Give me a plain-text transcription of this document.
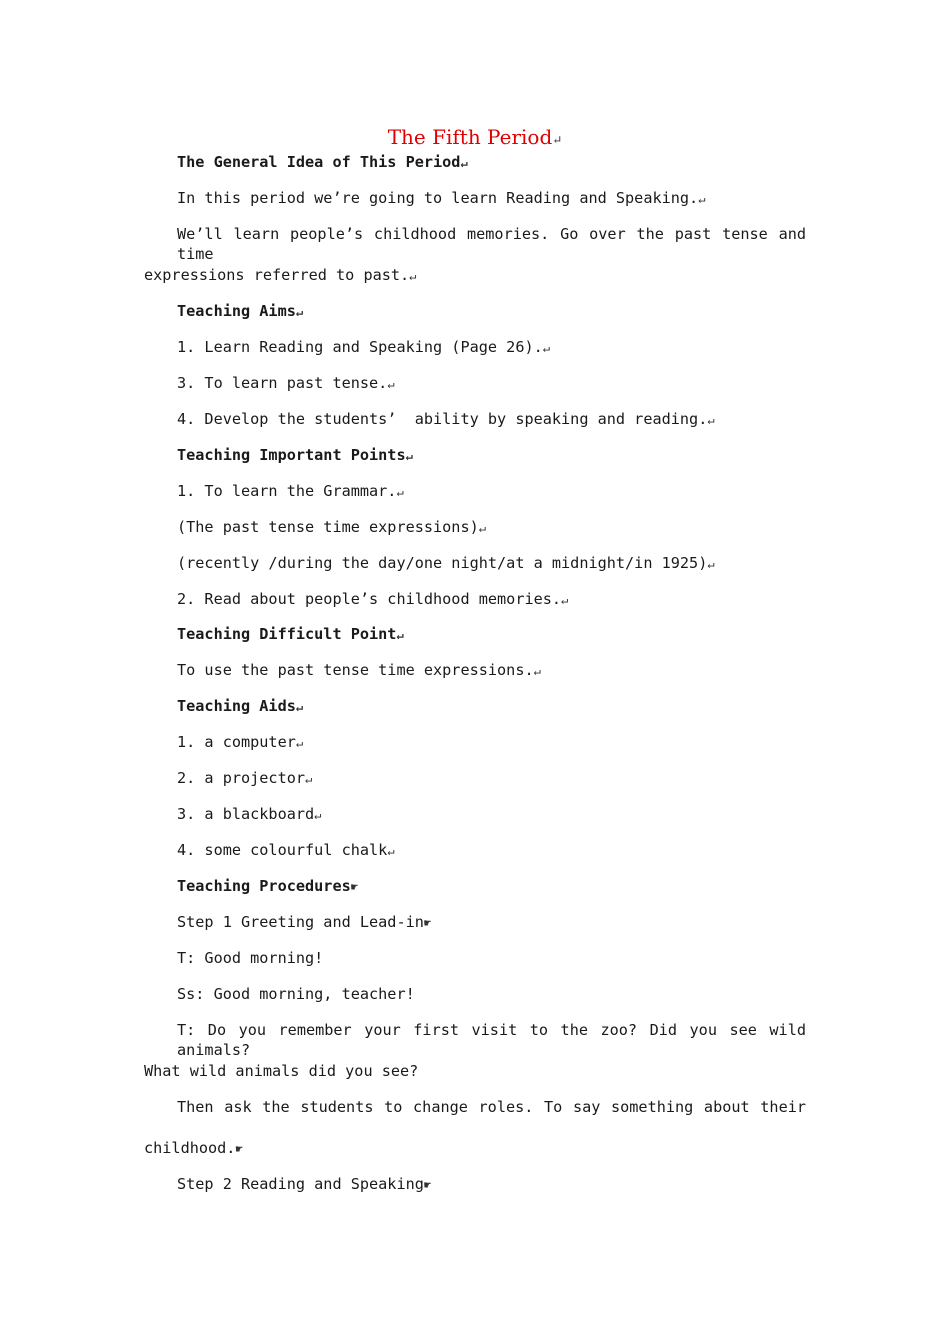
The Fifth Period↵
The General Idea of This Period↵
In this period we’re going to learn Reading and Speaking.↵
We’ll learn people’s childhood memories. Go over the past tense and time
expressions referred to past.↵
Teaching Aims↵
1. Learn Reading and Speaking (Page 26).↵
3. To learn past tense.↵
4. Develop the students’  ability by speaking and reading.↵
Teaching Important Points↵
1. To learn the Grammar.↵
(The past tense time expressions)↵
(recently /during the day/one night/at a midnight/in 1925)↵
2. Read about people’s childhood memories.↵
Teaching Difficult Point↵
To use the past tense time expressions.↵
Teaching Aids↵
1. a computer↵
2. a projector↵
3. a blackboard↵
4. some colourful chalk↵
Teaching Procedures☛
Step 1 Greeting and Lead-in☛
T: Good morning!
Ss: Good morning, teacher!
T: Do you remember your first visit to the zoo? Did you see wild animals?
What wild animals did you see?
Then ask the students to change roles. To say something about their
childhood.☛
Step 2 Reading and Speaking☛
